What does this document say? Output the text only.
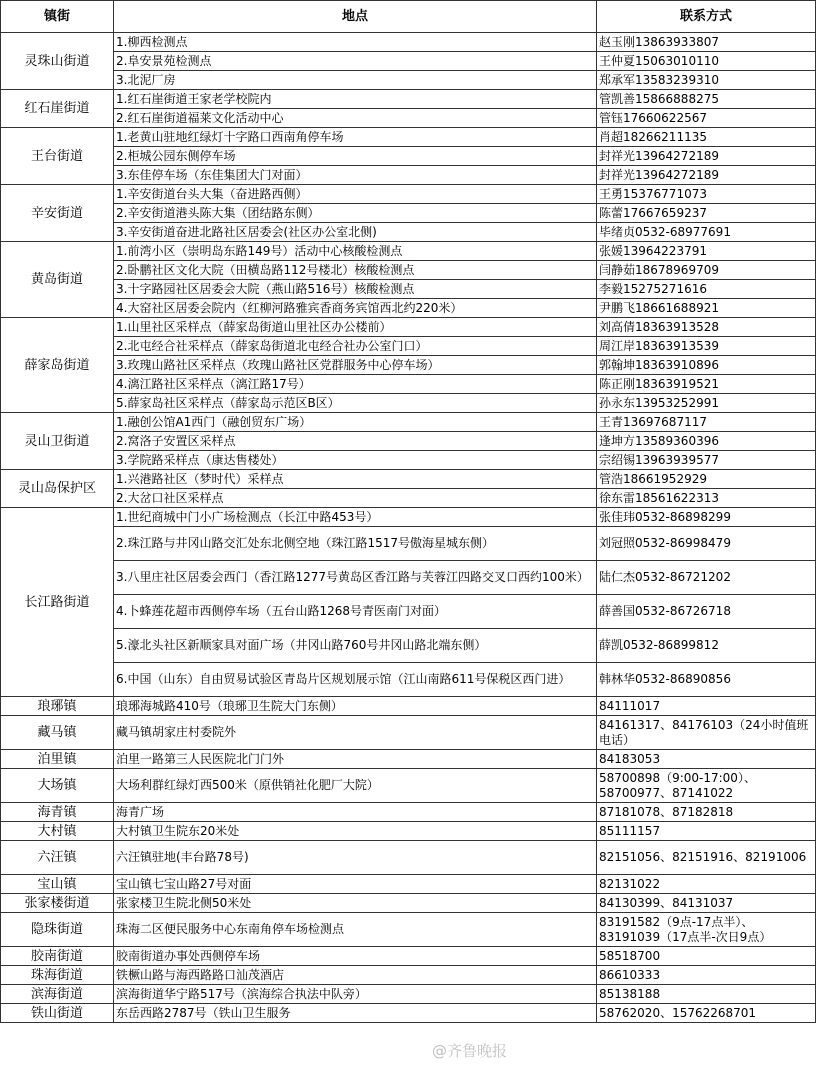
镇街	地点	联系方式
灵珠山街道	1.柳西检测点	赵玉刚13863933807
	2.阜安景苑检测点	王仲夏15063010110
	3.北泥厂房	郑承军13583239310
红石崖街道	1.红石崖街道王家老学校院内	管凯善15866888275
	2.红石崖街道福莱文化活动中心	管钰17660622567
王台街道	1.老黄山驻地红绿灯十字路口西南角停车场	肖超18266211135
	2.柜城公园东侧停车场	封祥光13964272189
	3.东佳停车场（东佳集团大门对面）	封祥光13964272189
辛安街道	1.辛安街道台头大集（奋进路西侧）	王勇15376771073
	2.辛安街道港头陈大集（团结路东侧）	陈蕾17667659237
	3.辛安街道奋进北路社区居委会(社区办公室北侧)	毕绪贞0532-68977691
黄岛街道	1.前湾小区（崇明岛东路149号）活动中心核酸检测点	张媛13964223791
	2.卧鹏社区文化大院（田横岛路112号楼北）核酸检测点	闫静茹18678969709
	3.十字路园社区居委会大院（燕山路516号）核酸检测点	李毅15275271616
	4.大窑社区居委会院内（红柳河路雅宾香商务宾馆西北约220米）	尹鹏飞18661688921
薛家岛街道	1.山里社区采样点（薛家岛街道山里社区办公楼前）	刘高倩18363913528
	2.北屯经合社采样点（薛家岛街道北屯经合社办公室门口）	周江岸18363913539
	3.玫瑰山路社区采样点（玫瑰山路社区党群服务中心停车场）	郭翰坤18363910896
	4.漓江路社区采样点（漓江路17号）	陈正刚18363919521
	5.薛家岛社区采样点（薛家岛示范区B区）	孙永东13953252991
灵山卫街道	1.融创公馆A1西门（融创贸东广场）	王青13697687117
	2.窝洛子安置区采样点	逢坤方13589360396
	3.学院路采样点（康达售楼处）	宗绍锡13963939577
灵山岛保护区	1.兴港路社区（梦时代）采样点	管浩18661952929
	2.大岔口社区采样点	徐东雷18561622313
长江路街道	1.世纪商城中门小广场检测点（长江中路453号）	张佳玮0532-86898299
	2.珠江路与井冈山路交汇处东北侧空地（珠江路1517号傲海星城东侧）	刘冠照0532-86998479
	3.八里庄社区居委会西门（香江路1277号黄岛区香江路与芙蓉江四路交叉口西约100米）	陆仁杰0532-86721202
	4.卜蜂莲花超市西侧停车场（五台山路1268号青医南门对面）	薛善国0532-86726718
	5.濠北头社区新顺家具对面广场（井冈山路760号井冈山路北端东侧）	薛凯0532-86899812
	6.中国（山东）自由贸易试验区青岛片区规划展示馆（江山南路611号保税区西门进）	韩林华0532-86890856
琅琊镇	琅琊海城路410号（琅琊卫生院大门东侧）	84111017
藏马镇	藏马镇胡家庄村委院外	84161317、84176103（24小时值班电话）
泊里镇	泊里一路第三人民医院北门门外	84183053
大场镇	大场利群红绿灯西500米（原供销社化肥厂大院）	58700898（9:00-17:00）、58700977、87141022
海青镇	海青广场	87181078、87182818
大村镇	大村镇卫生院东20米处	85111157
六汪镇	六汪镇驻地(丰台路78号)	82151056、82151916、82191006
宝山镇	宝山镇七宝山路27号对面	82131022
张家楼街道	张家楼卫生院北侧50米处	84130399、84131037
隐珠街道	珠海二区便民服务中心东南角停车场检测点	83191582（9点-17点半）、83191039（17点半-次日9点）
胶南街道	胶南街道办事处西侧停车场	58518700
珠海街道	铁橛山路与海西路路口汕茂酒店	86610333
滨海街道	滨海街道华宁路517号（滨海综合执法中队旁）	85138188
铁山街道	东岳西路2787号（铁山卫生服务	58762020、15762268701
@齐鲁晚报
